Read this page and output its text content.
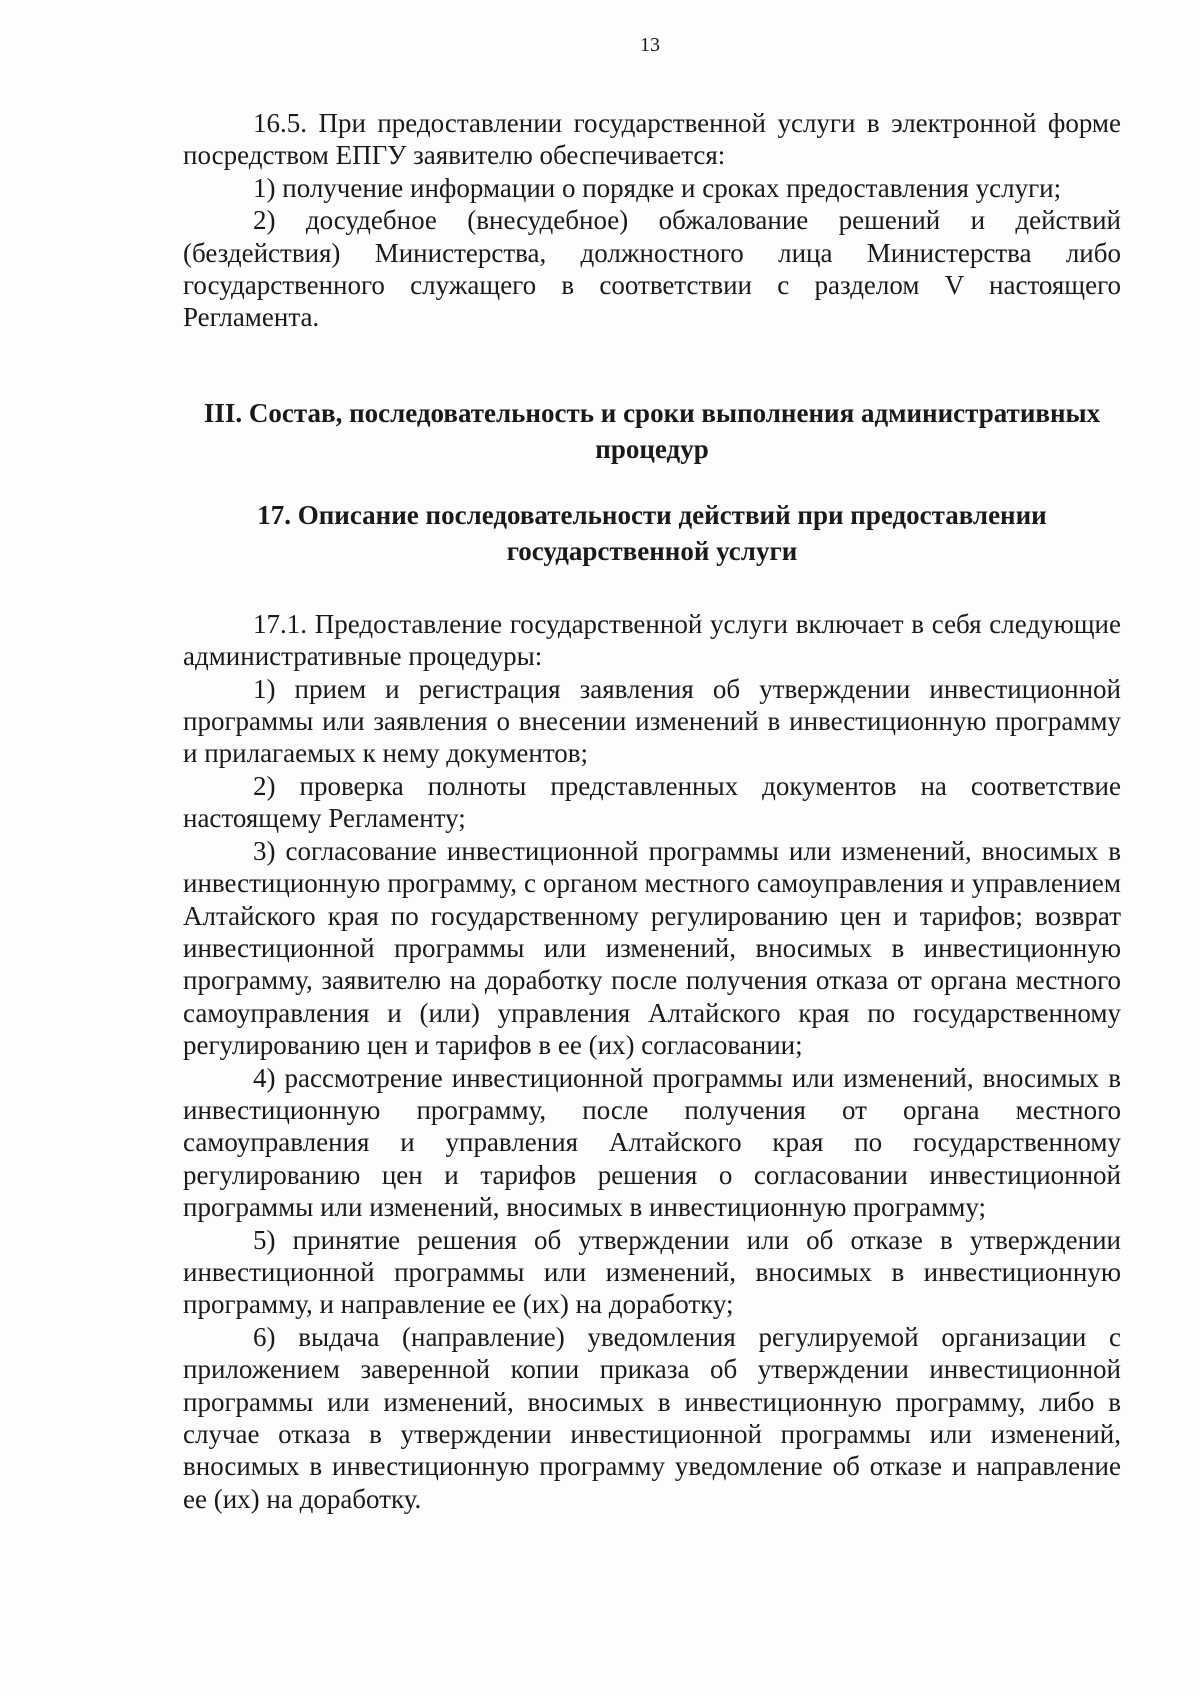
13

16.5. При предоставлении государственной услуги в электронной форме посредством ЕПГУ заявителю обеспечивается:

1) получение информации о порядке и сроках предоставления услуги;

2) досудебное (внесудебное) обжалование решений и действий (бездействия) Министерства, должностного лица Министерства либо государственного служащего в соответствии с разделом V настоящего Регламента.

III. Состав, последовательность и сроки выполнения административных процедур
17. Описание последовательности действий при предоставлении государственной услуги

17.1. Предоставление государственной услуги включает в себя следующие административные процедуры:

1) прием и регистрация заявления об утверждении инвестиционной программы или заявления о внесении изменений в инвестиционную программу и прилагаемых к нему документов;

2) проверка полноты представленных документов на соответствие настоящему Регламенту;

3) согласование инвестиционной программы или изменений, вносимых в инвестиционную программу, с органом местного самоуправления и управлением Алтайского края по государственному регулированию цен и тарифов; возврат инвестиционной программы или изменений, вносимых в инвестиционную программу, заявителю на доработку после получения отказа от органа местного самоуправления и (или) управления Алтайского края по государственному регулированию цен и тарифов в ее (их) согласовании;

4) рассмотрение инвестиционной программы или изменений, вносимых в инвестиционную программу, после получения от органа местного самоуправления и управления Алтайского края по государственному регулированию цен и тарифов решения о согласовании инвестиционной программы или изменений, вносимых в инвестиционную программу;

5) принятие решения об утверждении или об отказе в утверждении инвестиционной программы или изменений, вносимых в инвестиционную программу, и направление ее (их) на доработку;

6) выдача (направление) уведомления регулируемой организации с приложением заверенной копии приказа об утверждении инвестиционной программы или изменений, вносимых в инвестиционную программу, либо в случае отказа в утверждении инвестиционной программы или изменений, вносимых в инвестиционную программу уведомление об отказе и направление ее (их) на доработку.
